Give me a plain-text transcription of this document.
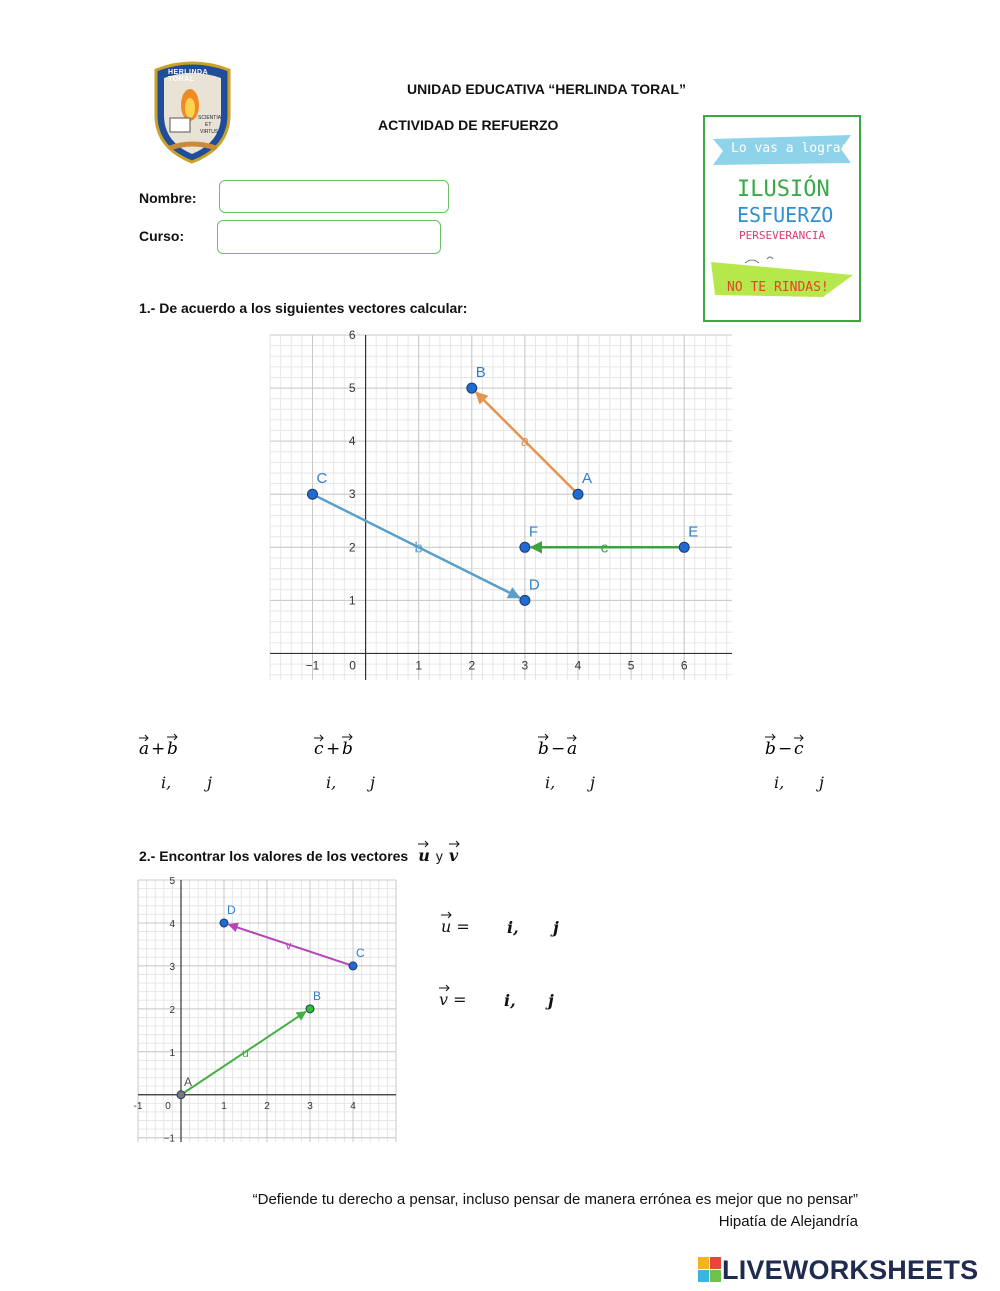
HERLINDA TORAL
SCIENTIA
ET
VIRTUS
UNIDAD EDUCATIVA “HERLINDA TORAL”
ACTIVIDAD DE REFUERZO
Nombre:
Curso:
Lo vas a lograr
ILUSIÓN
ESFUERZO
PERSEVERANCIA
NO TE RINDAS!
1.- De acuerdo a los siguientes vectores calcular:
−1 0	1	2	3	4	5	6
1
2
3
4
5
6
a
b	c
A
B
C
D
E
F
a + b	c + b	b − a	b − c
i, j	i, j	i, j	i, j
2.- Encontrar los valores de los vectores u y v
-1 0	1	2	3	4
−1
1
2
3
4
5
u
v
A
B
C
D
u = i, j
v = i, j
“Defiende tu derecho a pensar, incluso pensar de manera errónea es mejor que no pensar”
Hipatía de Alejandría
LIVEWORKSHEETS
